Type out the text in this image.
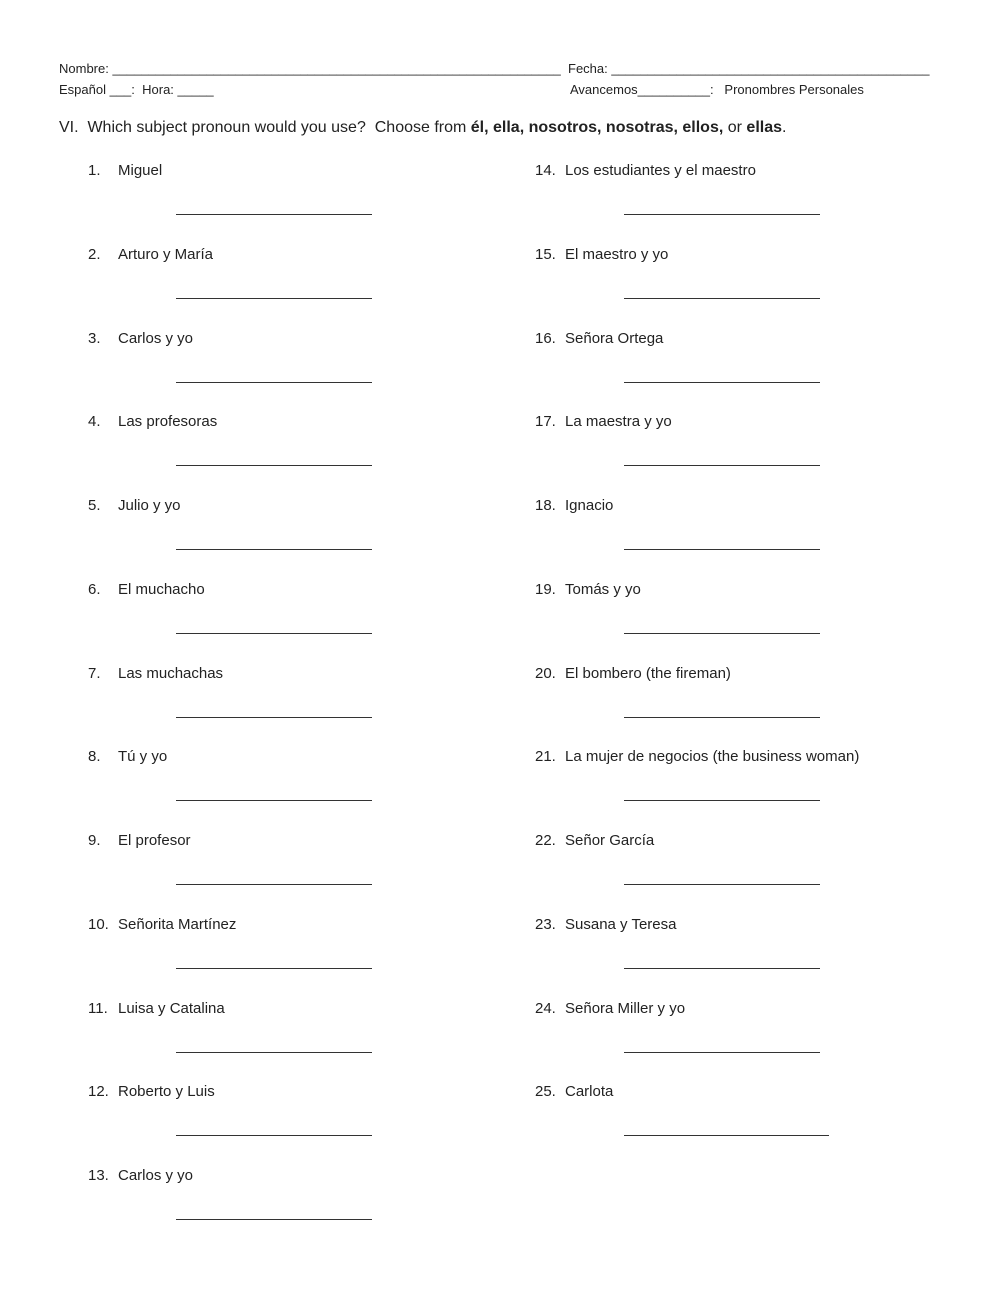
Nombre: ______________________________________________________________ Fecha: ____________________________________________
Español ___:  Hora: _____	Avancemos__________:   Pronombres Personales
VI.  Which subject pronoun would you use?  Choose from él, ella, nosotros, nosotras, ellos, or ellas.
1. Miguel
2. Arturo y María
3. Carlos y yo
4. Las profesoras
5. Julio y yo
6. El muchacho
7. Las muchachas
8. Tú y yo
9. El profesor
10. Señorita Martínez
11. Luisa y Catalina
12. Roberto y Luis
13. Carlos y yo
14. Los estudiantes y el maestro
15. El maestro y yo
16. Señora Ortega
17. La maestra y yo
18. Ignacio
19. Tomás y yo
20. El bombero (the fireman)
21. La mujer de negocios (the business woman)
22. Señor García
23. Susana y Teresa
24. Señora Miller y yo
25. Carlota
